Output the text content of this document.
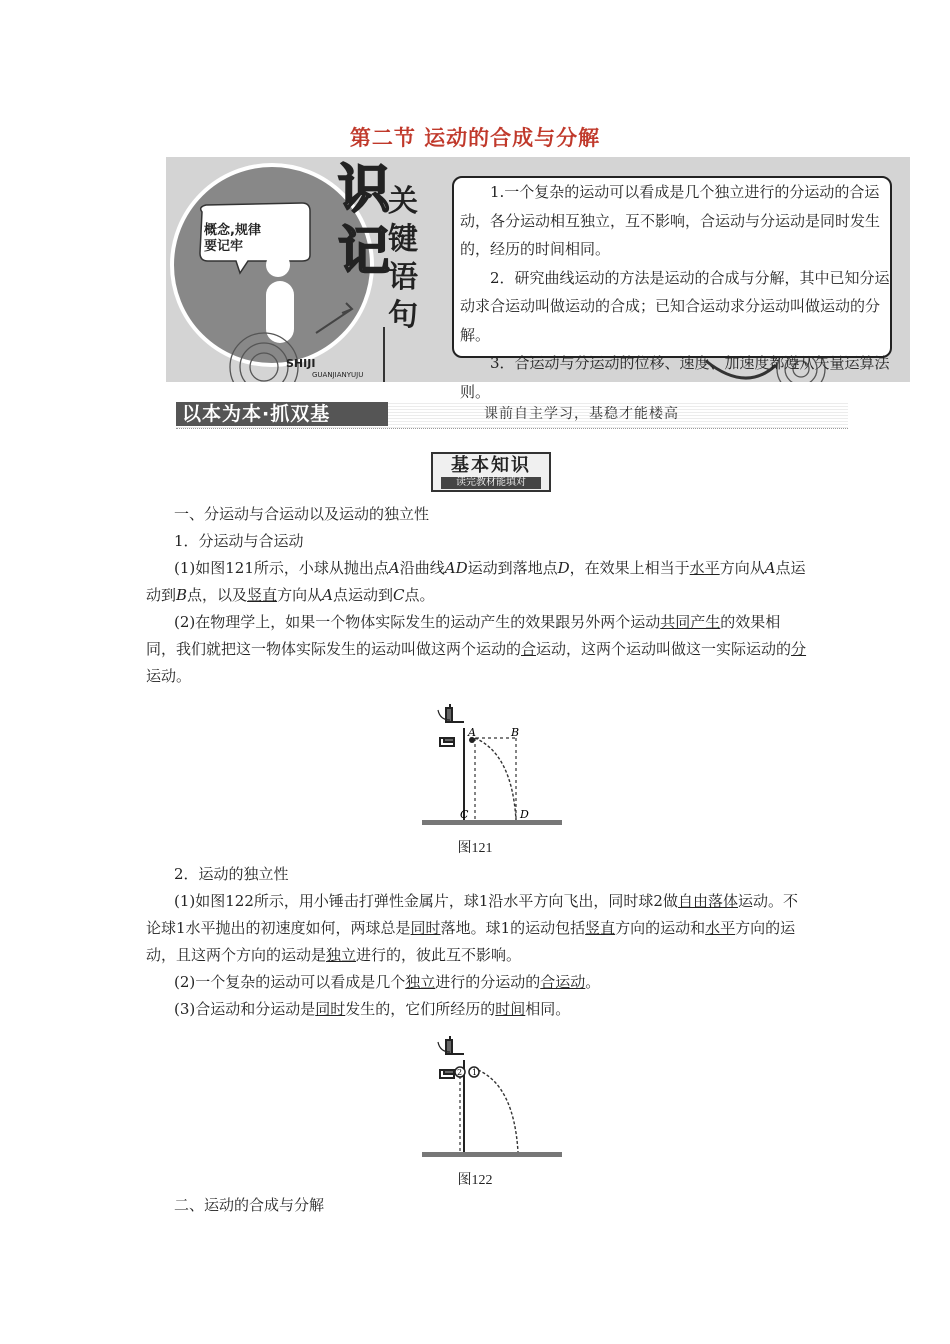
第二节 运动的合成与分解
概念,规律
要记牢
识
记
关
键
语
句
SHIJI
GUANJIANYUJU

1.一个复杂的运动可以看成是几个独立进行的分运动的合运动，各分运动相互独立，互不影响，合运动与分运动是同时发生的，经历的时间相同。

2．研究曲线运动的方法是运动的合成与分解，其中已知分运动求合运动叫做运动的合成；已知合运动求分运动叫做运动的分解。

3．合运动与分运动的位移、速度、加速度都遵从矢量运算法则。

以本为本·抓双基	课前自主学习，基稳才能楼高
基本知识
读完教材能填对

一、分运动与合运动以及运动的独立性

1．分运动与合运动

(1)如图121所示，小球从抛出点A沿曲线AD运动到落地点D，在效果上相当于水平方向从A点运动到B点，以及竖直方向从A点运动到C点。

(2)在物理学上，如果一个物体实际发生的运动产生的效果跟另外两个运动共同产生的效果相同，我们就把这一物体实际发生的运动叫做这两个运动的合运动，这两个运动叫做这一实际运动的分运动。

A	B
C	D
图121

2．运动的独立性

(1)如图122所示，用小锤击打弹性金属片，球1沿水平方向飞出，同时球2做自由落体运动。不论球1水平抛出的初速度如何，两球总是同时落地。球1的运动包括竖直方向的运动和水平方向的运动，且这两个方向的运动是独立进行的，彼此互不影响。

(2)一个复杂的运动可以看成是几个独立进行的分运动的合运动。

(3)合运动和分运动是同时发生的，它们所经历的时间相同。

2 1
图122

二、运动的合成与分解
